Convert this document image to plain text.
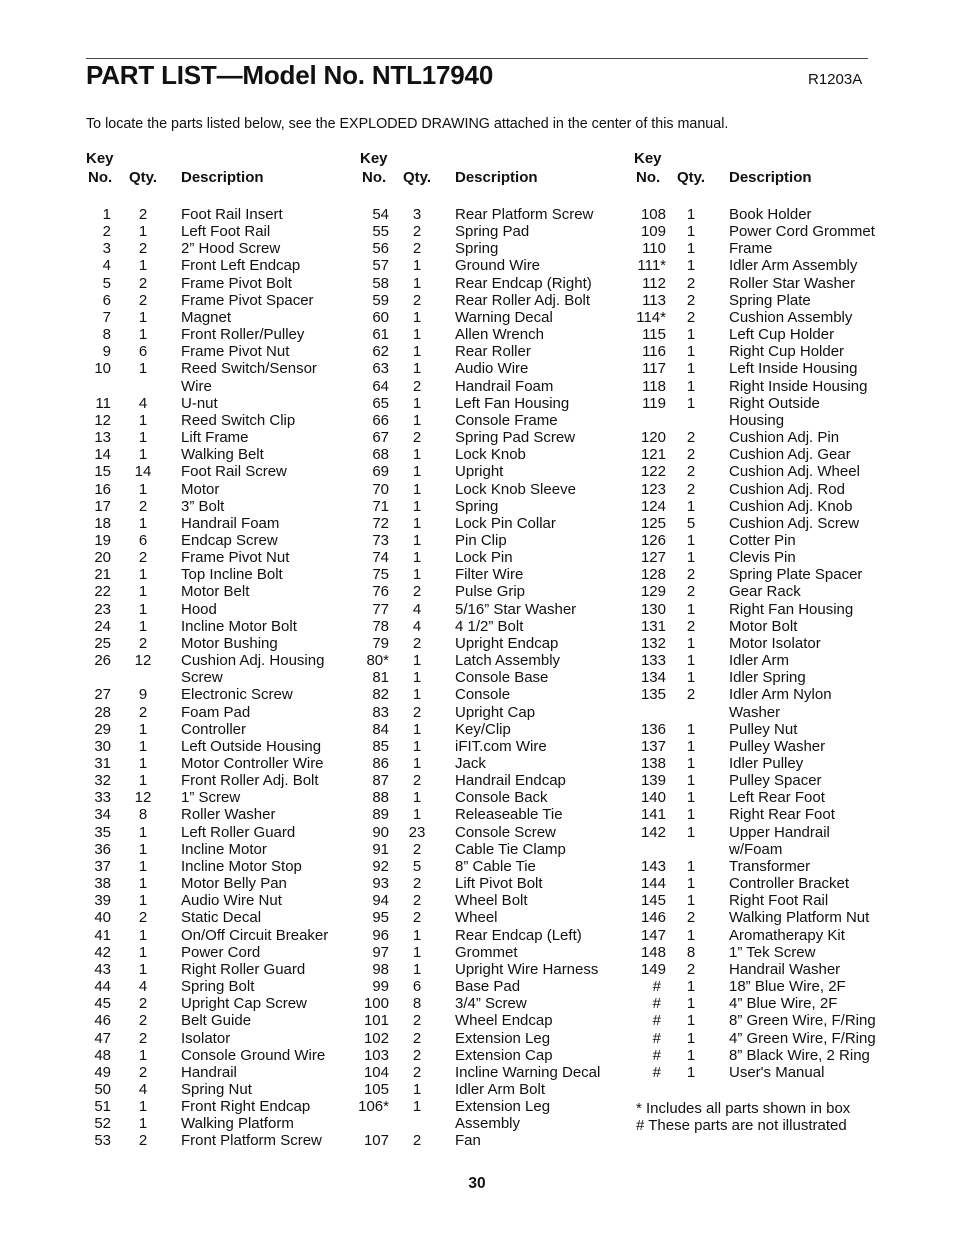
PART LIST—Model No. NTL17940	R1203A
To locate the parts listed below, see the EXPLODED DRAWING attached in the center of this manual.
Key
No. Qty. Description
1	2	Foot Rail Insert
2	1	Left Foot Rail
3	2	2” Hood Screw
4	1	Front Left Endcap
5	2	Frame Pivot Bolt
6	2	Frame Pivot Spacer
7	1	Magnet
8	1	Front Roller/Pulley
9	6	Frame Pivot Nut
10	1	Reed Switch/Sensor
Wire
11	4	U-nut
12	1	Reed Switch Clip
13	1	Lift Frame
14	1	Walking Belt
15	14	Foot Rail Screw
16	1	Motor
17	2	3” Bolt
18	1	Handrail Foam
19	6	Endcap Screw
20	2	Frame Pivot Nut
21	1	Top Incline Bolt
22	1	Motor Belt
23	1	Hood
24	1	Incline Motor Bolt
25	2	Motor Bushing
26	12	Cushion Adj. Housing
Screw
27	9	Electronic Screw
28	2	Foam Pad
29	1	Controller
30	1	Left Outside Housing
31	1	Motor Controller Wire
32	1	Front Roller Adj. Bolt
33	12	1” Screw
34	8	Roller Washer
35	1	Left Roller Guard
36	1	Incline Motor
37	1	Incline Motor Stop
38	1	Motor Belly Pan
39	1	Audio Wire Nut
40	2	Static Decal
41	1	On/Off Circuit Breaker
42	1	Power Cord
43	1	Right Roller Guard
44	4	Spring Bolt
45	2	Upright Cap Screw
46	2	Belt Guide
47	2	Isolator
48	1	Console Ground Wire
49	2	Handrail
50	4	Spring Nut
51	1	Front Right Endcap
52	1	Walking Platform
53	2	Front Platform Screw
Key
No. Qty. Description
54	3	Rear Platform Screw
55	2	Spring Pad
56	2	Spring
57	1	Ground Wire
58	1	Rear Endcap (Right)
59	2	Rear Roller Adj. Bolt
60	1	Warning Decal
61	1	Allen Wrench
62	1	Rear Roller
63	1	Audio Wire
64	2	Handrail Foam
65	1	Left Fan Housing
66	1	Console Frame
67	2	Spring Pad Screw
68	1	Lock Knob
69	1	Upright
70	1	Lock Knob Sleeve
71	1	Spring
72	1	Lock Pin Collar
73	1	Pin Clip
74	1	Lock Pin
75	1	Filter Wire
76	2	Pulse Grip
77	4	5/16” Star Washer
78	4	4 1/2” Bolt
79	2	Upright Endcap
80*	1	Latch Assembly
81	1	Console Base
82	1	Console
83	2	Upright Cap
84	1	Key/Clip
85	1	iFIT.com Wire
86	1	Jack
87	2	Handrail Endcap
88	1	Console Back
89	1	Releaseable Tie
90	23	Console Screw
91	2	Cable Tie Clamp
92	5	8” Cable Tie
93	2	Lift Pivot Bolt
94	2	Wheel Bolt
95	2	Wheel
96	1	Rear Endcap (Left)
97	1	Grommet
98	1	Upright Wire Harness
99	6	Base Pad
100	8	3/4” Screw
101	2	Wheel Endcap
102	2	Extension Leg
103	2	Extension Cap
104	2	Incline Warning Decal
105	1	Idler Arm Bolt
106*	1	Extension Leg
Assembly
107	2	Fan
Key
No. Qty. Description
108	1	Book Holder
109	1	Power Cord Grommet
110	1	Frame
111*	1	Idler Arm Assembly
112	2	Roller Star Washer
113	2	Spring Plate
114*	2	Cushion Assembly
115	1	Left Cup Holder
116	1	Right Cup Holder
117	1	Left Inside Housing
118	1	Right Inside Housing
119	1	Right Outside
Housing
120	2	Cushion Adj. Pin
121	2	Cushion Adj. Gear
122	2	Cushion Adj. Wheel
123	2	Cushion Adj. Rod
124	1	Cushion Adj. Knob
125	5	Cushion Adj. Screw
126	1	Cotter Pin
127	1	Clevis Pin
128	2	Spring Plate Spacer
129	2	Gear Rack
130	1	Right Fan Housing
131	2	Motor Bolt
132	1	Motor Isolator
133	1	Idler Arm
134	1	Idler Spring
135	2	Idler Arm Nylon
Washer
136	1	Pulley Nut
137	1	Pulley Washer
138	1	Idler Pulley
139	1	Pulley Spacer
140	1	Left Rear Foot
141	1	Right Rear Foot
142	1	Upper Handrail
w/Foam
143	1	Transformer
144	1	Controller Bracket
145	1	Right Foot Rail
146	2	Walking Platform Nut
147	1	Aromatherapy Kit
148	8	1” Tek Screw
149	2	Handrail Washer
#	1	18” Blue Wire, 2F
#	1	4” Blue Wire, 2F
#	1	8” Green Wire, F/Ring
#	1	4” Green Wire, F/Ring
#	1	8” Black Wire, 2 Ring
#	1	User's Manual
* Includes all parts shown in box
# These parts are not illustrated
30
